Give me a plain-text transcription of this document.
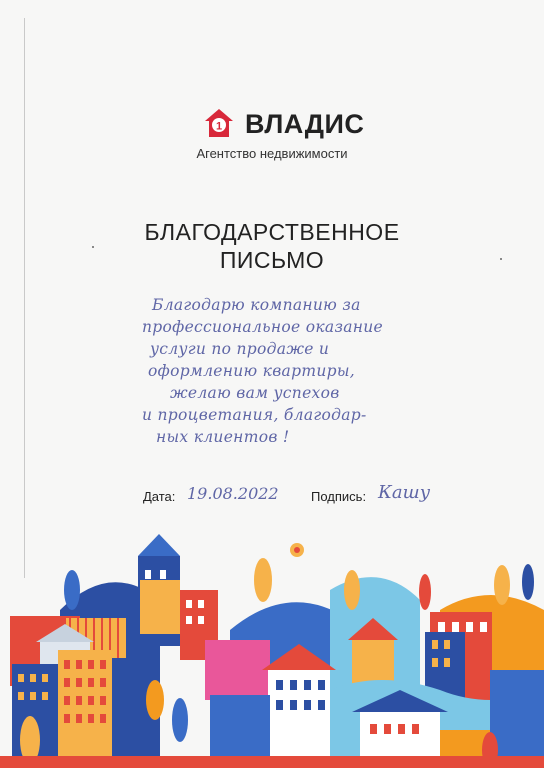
1 ВЛАДИС
Агентство недвижимости
БЛАГОДАРСТВЕННОЕ
ПИСЬМО
Благодарю компанию за
профессиональное оказание
услуги по продаже и
оформлению квартиры,
желаю вам успехов
и процветания, благодар-
ных клиентов !
Дата: 19.08.2022 Подпись: Кашу
